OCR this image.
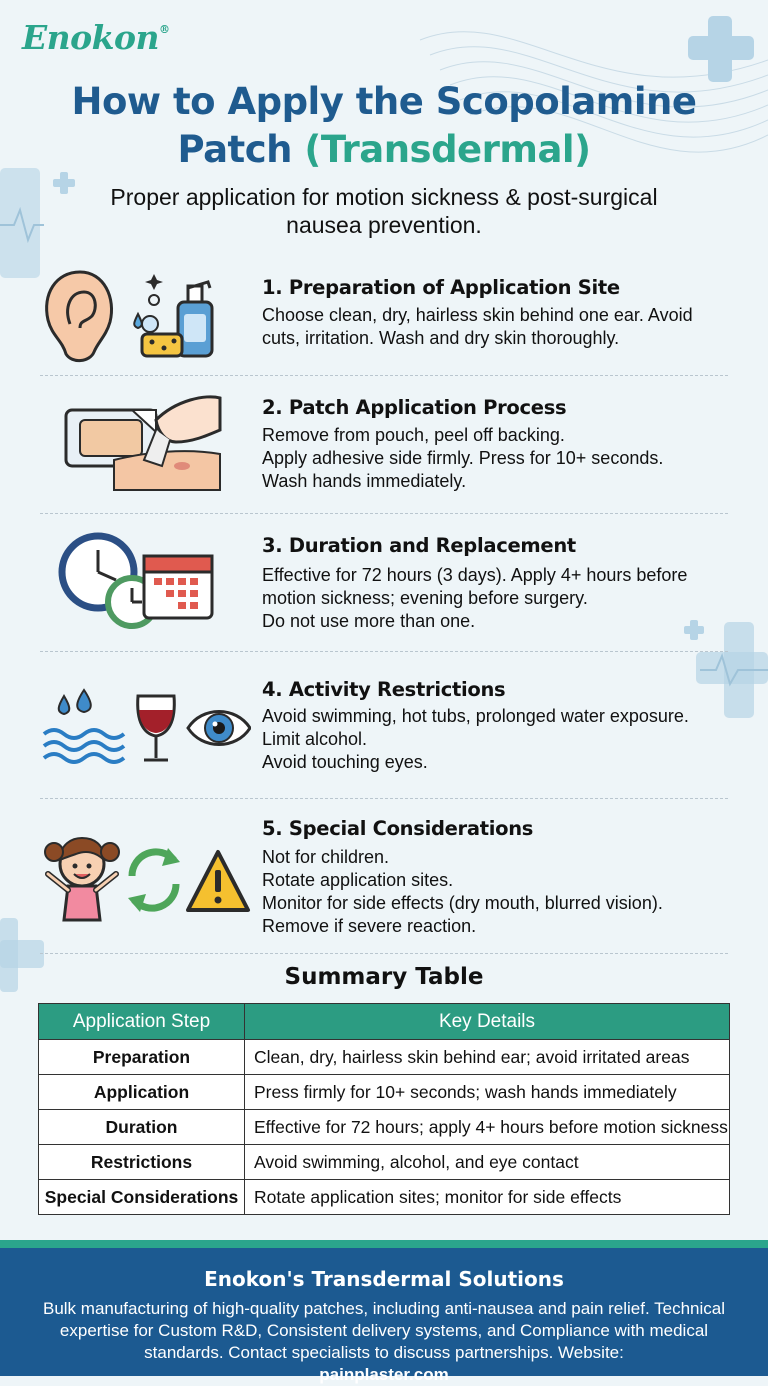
Enokon®
How to Apply the Scopolamine
Patch (Transdermal)
Proper application for motion sickness & post-surgical
nausea prevention.
1. Preparation of Application Site
Choose clean, dry, hairless skin behind one ear. Avoid
cuts, irritation. Wash and dry skin thoroughly.
2. Patch Application Process
Remove from pouch, peel off backing.
Apply adhesive side firmly. Press for 10+ seconds.
Wash hands immediately.
3. Duration and Replacement
Effective for 72 hours (3 days). Apply 4+ hours before
motion sickness; evening before surgery.
Do not use more than one.
4. Activity Restrictions
Avoid swimming, hot tubs, prolonged water exposure.
Limit alcohol.
Avoid touching eyes.
5. Special Considerations
Not for children.
Rotate application sites.
Monitor for side effects (dry mouth, blurred vision).
Remove if severe reaction.
Summary Table
Application Step	Key Details
Preparation	Clean, dry, hairless skin behind ear; avoid irritated areas
Application	Press firmly for 10+ seconds; wash hands immediately
Duration	Effective for 72 hours; apply 4+ hours before motion sickness
Restrictions	Avoid swimming, alcohol, and eye contact
Special Considerations	Rotate application sites; monitor for side effects
Enokon's Transdermal Solutions
Bulk manufacturing of high-quality patches, including anti-nausea and pain relief. Technical
expertise for Custom R&D, Consistent delivery systems, and Compliance with medical
standards. Contact specialists to discuss partnerships. Website:
painplaster.com
